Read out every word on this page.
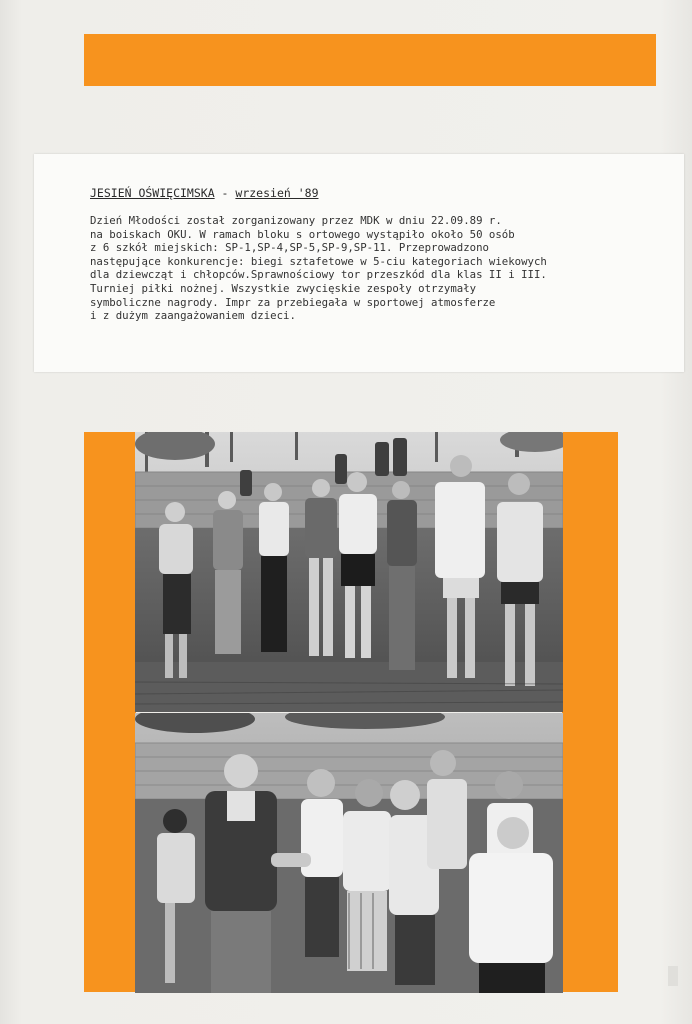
JESIEŃ OŚWIĘCIMSKA - wrzesień '89
Dzień Młodości został zorganizowany przez MDK w dniu 22.09.89 r.
na boiskach OKU. W ramach bloku s ortowego wystąpiło około 50 osób
z 6 szkół miejskich: SP-1,SP-4,SP-5,SP-9,SP-11. Przeprowadzono
następujące konkurencje: biegi sztafetowe w 5-ciu kategoriach wiekowych
dla dziewcząt i chłopców.Sprawnościowy tor przeszkód dla klas II i III.
Turniej piłki nożnej. Wszystkie zwycięskie zespoły otrzymały
symboliczne nagrody. Impr za przebiegała w sportowej atmosferze
i z dużym zaangażowaniem dzieci.
